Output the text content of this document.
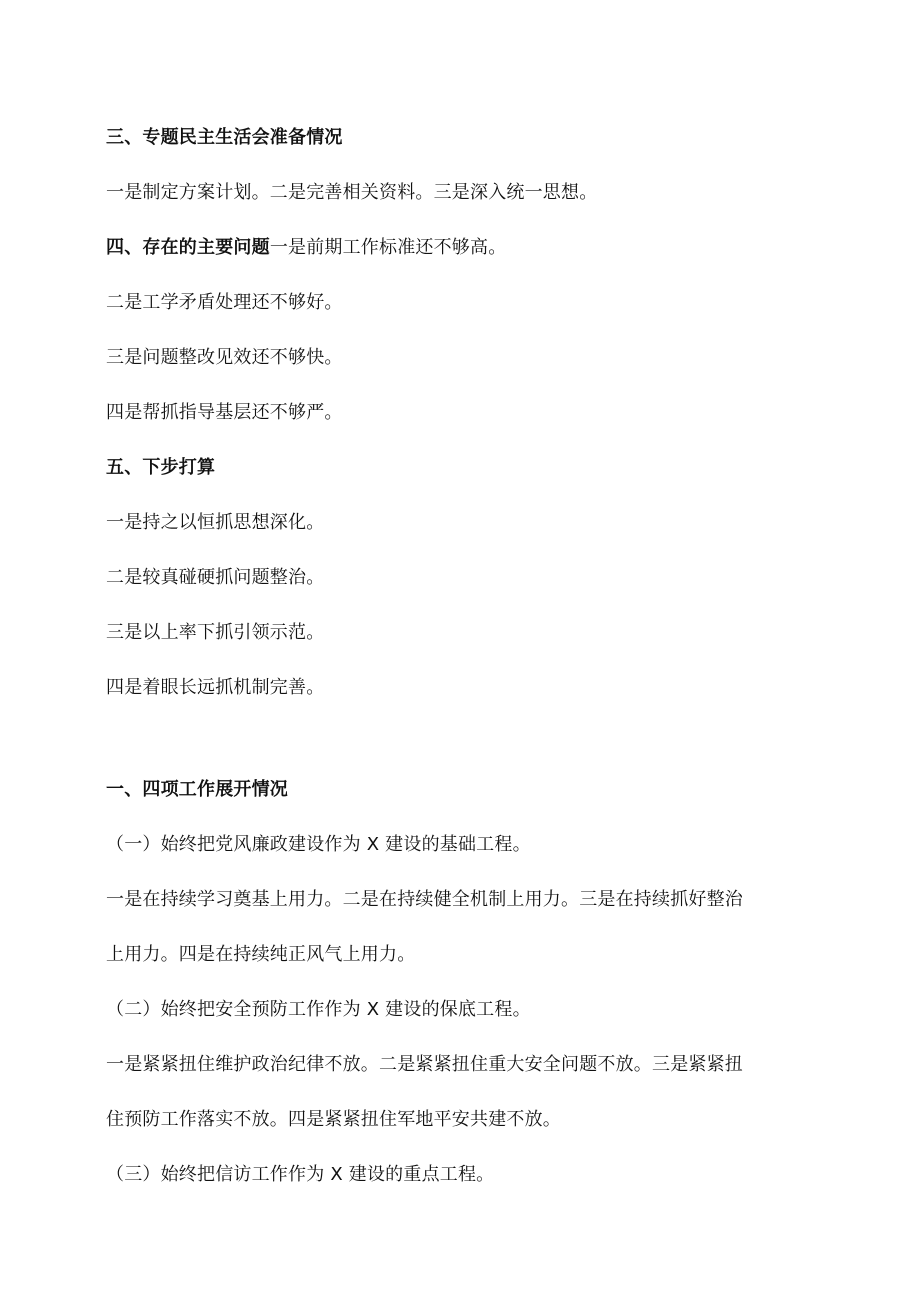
三、专题民主生活会准备情况
一是制定方案计划。二是完善相关资料。三是深入统一思想。
四、存在的主要问题一是前期工作标准还不够高。
二是工学矛盾处理还不够好。
三是问题整改见效还不够快。
四是帮抓指导基层还不够严。
五、下步打算
一是持之以恒抓思想深化。
二是较真碰硬抓问题整治。
三是以上率下抓引领示范。
四是着眼长远抓机制完善。
一、四项工作展开情况
（一）始终把党风廉政建设作为 X 建设的基础工程。
一是在持续学习奠基上用力。二是在持续健全机制上用力。三是在持续抓好整治
上用力。四是在持续纯正风气上用力。
（二）始终把安全预防工作作为 X 建设的保底工程。
一是紧紧扭住维护政治纪律不放。二是紧紧扭住重大安全问题不放。三是紧紧扭
住预防工作落实不放。四是紧紧扭住军地平安共建不放。
（三）始终把信访工作作为 X 建设的重点工程。
